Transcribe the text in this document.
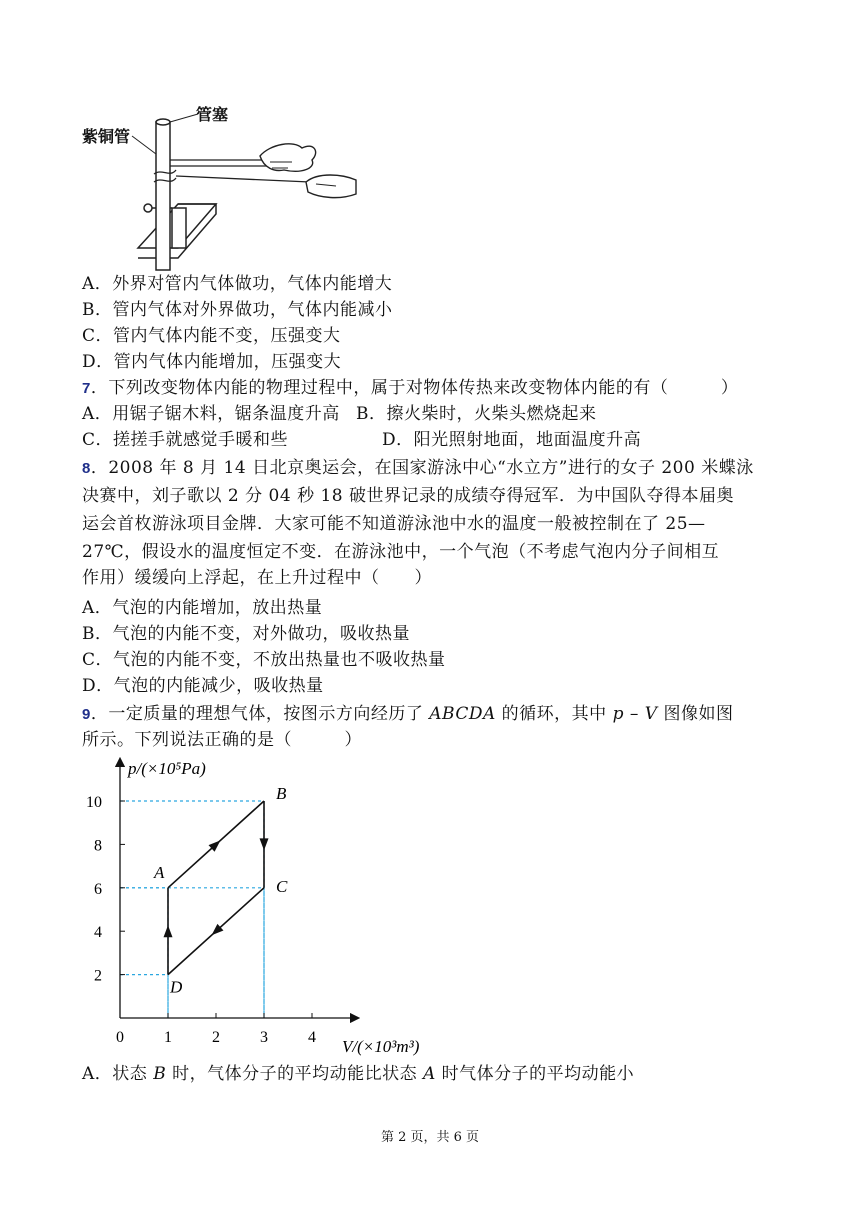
紫铜管
管塞
A．外界对管内气体做功，气体内能增大
B．管内气体对外界做功，气体内能减小
C．管内气体内能不变，压强变大
D．管内气体内能增加，压强变大
7．下列改变物体内能的物理过程中，属于对物体传热来改变物体内能的有（　　　）
A．用锯子锯木料，锯条温度升高 B．擦火柴时，火柴头燃烧起来
C．搓搓手就感觉手暖和些	D．阳光照射地面，地面温度升高
8．2008 年 8 月 14 日北京奥运会，在国家游泳中心“水立方”进行的女子 200 米蝶泳
决赛中，刘子歌以 2 分 04 秒 18 破世界记录的成绩夺得冠军．为中国队夺得本届奥
运会首枚游泳项目金牌．大家可能不知道游泳池中水的温度一般被控制在了 25—
27℃，假设水的温度恒定不变．在游泳池中，一个气泡（不考虑气泡内分子间相互
作用）缓缓向上浮起，在上升过程中（　　）
A．气泡的内能增加，放出热量
B．气泡的内能不变，对外做功，吸收热量
C．气泡的内能不变，不放出热量也不吸收热量
D．气泡的内能减少，吸收热量
9．一定质量的理想气体，按图示方向经历了 ABCDA 的循环，其中 p – V 图像如图
所示。下列说法正确的是（　　　）
0	1	2	3	4
2
4
6
8
10
A
B
C
D
p/(×10⁵Pa)
V/(×10³m³)
A．状态 B 时，气体分子的平均动能比状态 A 时气体分子的平均动能小
第 2 页，共 6 页
